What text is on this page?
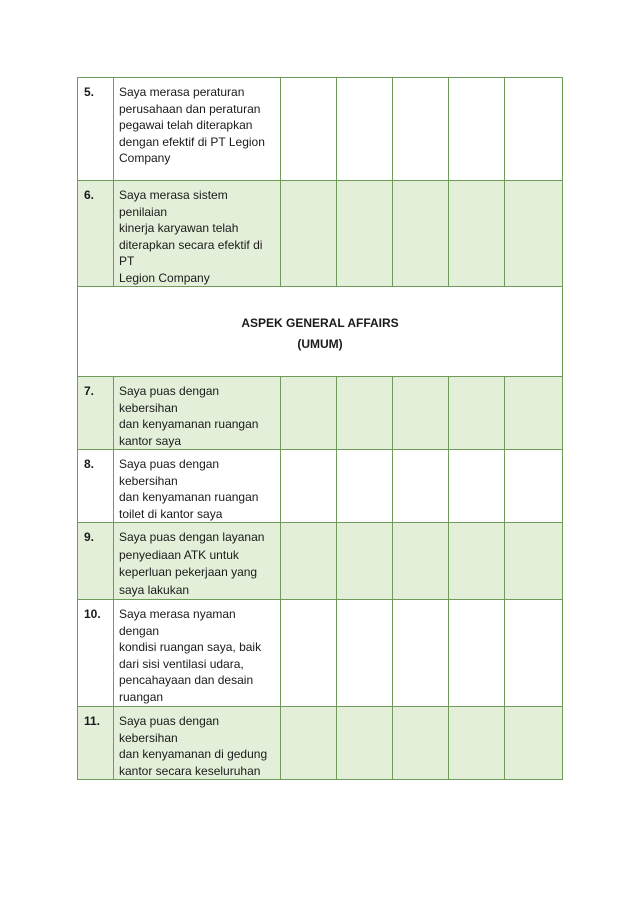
5.	Saya merasa peraturan
perusahaan dan peraturan
pegawai telah diterapkan
dengan efektif di PT Legion
Company					

6.	Saya merasa sistem penilaian
kinerja karyawan telah
diterapkan secara efektif di PT
Legion Company					

ASPEK GENERAL AFFAIRS
(UMUM)						

7.	Saya puas dengan kebersihan
dan kenyamanan ruangan
kantor saya					

8.	Saya puas dengan kebersihan
dan kenyamanan ruangan
toilet di kantor saya					

9.	Saya puas dengan layanan
penyediaan ATK untuk
keperluan pekerjaan yang
saya lakukan					

10.	Saya merasa nyaman dengan
kondisi ruangan saya, baik
dari sisi ventilasi udara,
pencahayaan dan desain
ruangan					

11.	Saya puas dengan kebersihan
dan kenyamanan di gedung
kantor secara keseluruhan					
